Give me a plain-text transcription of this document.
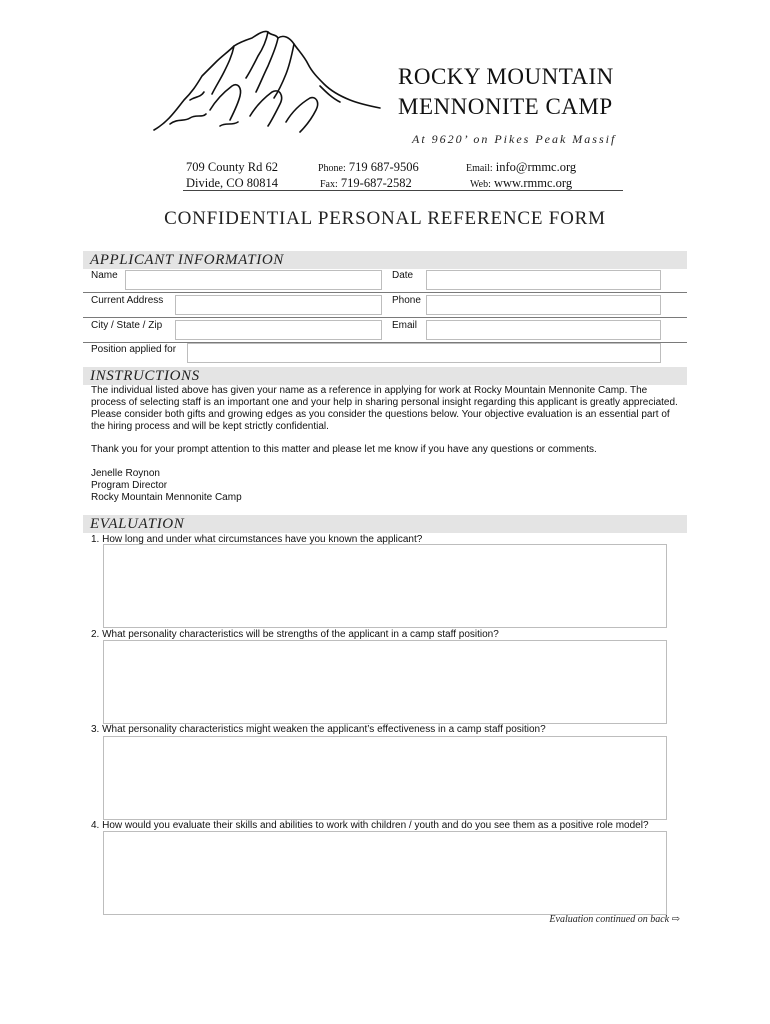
ROCKY MOUNTAIN
MENNONITE CAMP
At 9620’ on Pikes Peak Massif
709 County Rd 62
Divide, CO 80814
Phone: 719 687-9506
Fax: 719-687-2582
Email: info@rmmc.org
Web: www.rmmc.org
CONFIDENTIAL PERSONAL REFERENCE FORM
APPLICANT INFORMATION
Name	Date
Current Address	Phone
City / State / Zip	Email
Position applied for
INSTRUCTIONS
The individual listed above has given your name as a reference in applying for work at Rocky Mountain Mennonite Camp. The process of selecting staff is an important one and your help in sharing personal insight regarding this applicant is greatly appreciated. Please consider both gifts and growing edges as you consider the questions below. Your objective evaluation is an essential part of the hiring process and will be kept strictly confidential.
Thank you for your prompt attention to this matter and please let me know if you have any questions or comments.
Jenelle Roynon
Program Director
Rocky Mountain Mennonite Camp
EVALUATION
1. How long and under what circumstances have you known the applicant?
2. What personality characteristics will be strengths of the applicant in a camp staff position?
3. What personality characteristics might weaken the applicant’s effectiveness in a camp staff position?
4. How would you evaluate their skills and abilities to work with children / youth and do you see them as a positive role model?
Evaluation continued on back ⇨
